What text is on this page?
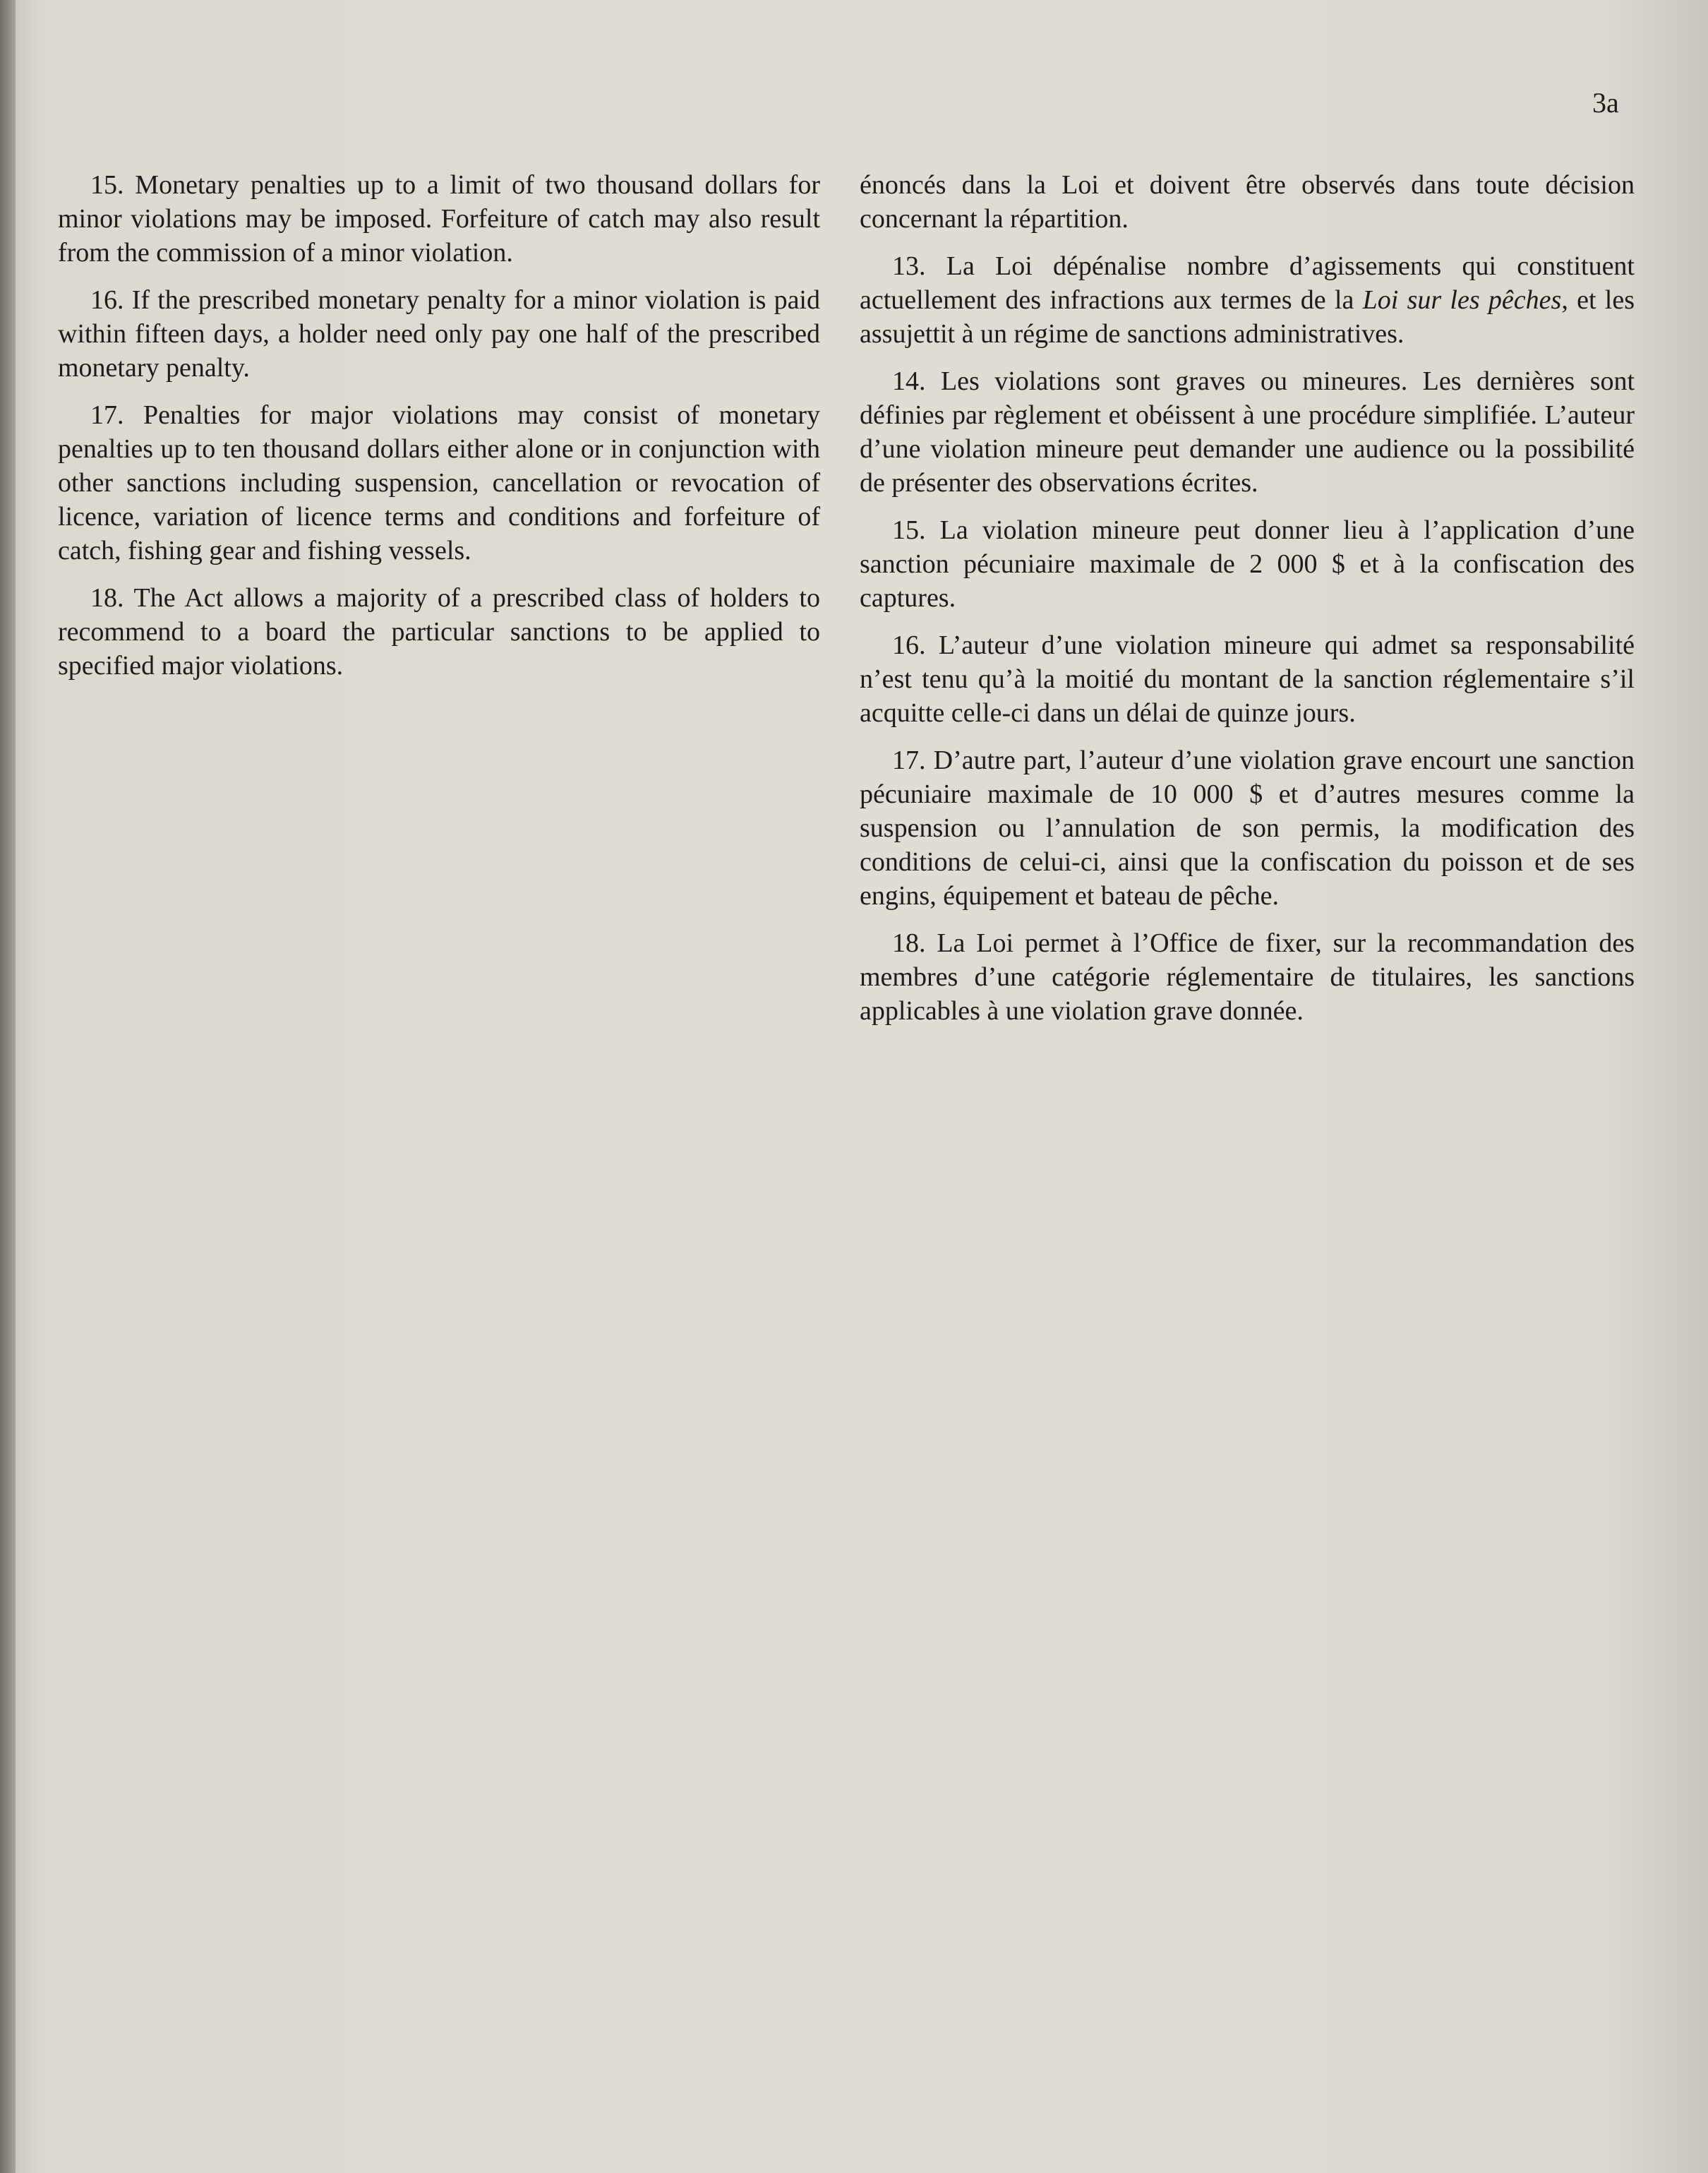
3a

15. Monetary penalties up to a limit of two thousand dollars for minor violations may be imposed. Forfeiture of catch may also result from the commission of a minor violation.

16. If the prescribed monetary penalty for a minor violation is paid within fifteen days, a holder need only pay one half of the prescribed monetary penalty.

17. Penalties for major violations may consist of monetary penalties up to ten thousand dollars either alone or in conjunction with other sanctions including suspension, cancellation or revocation of licence, variation of licence terms and conditions and forfeiture of catch, fishing gear and fishing vessels.

18. The Act allows a majority of a prescribed class of holders to recommend to a board the particular sanctions to be applied to specified major violations.

énoncés dans la Loi et doivent être observés dans toute décision concernant la répartition.

13. La Loi dépénalise nombre d’agissements qui constituent actuellement des infractions aux termes de la Loi sur les pêches, et les assujettit à un régime de sanctions administratives.

14. Les violations sont graves ou mineures. Les dernières sont définies par règlement et obéissent à une procédure simplifiée. L’auteur d’une violation mineure peut demander une audience ou la possibilité de présenter des observations écrites.

15. La violation mineure peut donner lieu à l’application d’une sanction pécuniaire maximale de 2 000 $ et à la confiscation des captures.

16. L’auteur d’une violation mineure qui admet sa responsabilité n’est tenu qu’à la moitié du montant de la sanction réglementaire s’il acquitte celle-ci dans un délai de quinze jours.

17. D’autre part, l’auteur d’une violation grave encourt une sanction pécuniaire maximale de 10 000 $ et d’autres mesures comme la suspension ou l’annulation de son permis, la modification des conditions de celui-ci, ainsi que la confiscation du poisson et de ses engins, équipement et bateau de pêche.

18. La Loi permet à l’Office de fixer, sur la recommandation des membres d’une catégorie réglementaire de titulaires, les sanctions applicables à une violation grave donnée.
